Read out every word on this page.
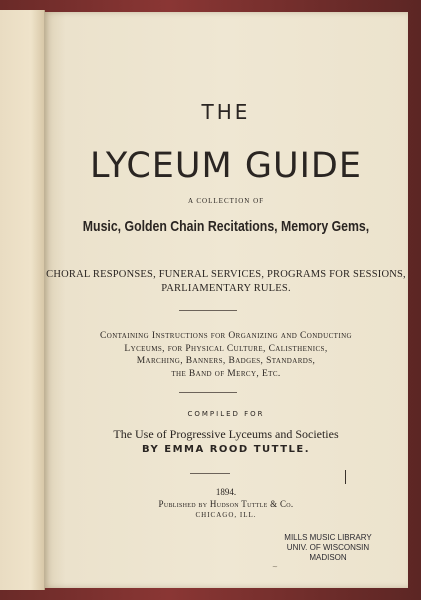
THE
LYCEUM GUIDE
A COLLECTION OF
Music, Golden Chain Recitations, Memory Gems,
CHORAL RESPONSES, FUNERAL SERVICES, PROGRAMS FOR SESSIONS,
PARLIAMENTARY RULES.
Containing Instructions for Organizing and Conducting
Lyceums, for Physical Culture, Calisthenics,
Marching, Banners, Badges, Standards,
the Band of Mercy, Etc.
COMPILED FOR
The Use of Progressive Lyceums and Societies
BY EMMA ROOD TUTTLE.
1894.
Published by Hudson Tuttle & Co.
CHICAGO, ILL.
MILLS MUSIC LIBRARY
UNIV. OF WISCONSIN
MADISON
~
